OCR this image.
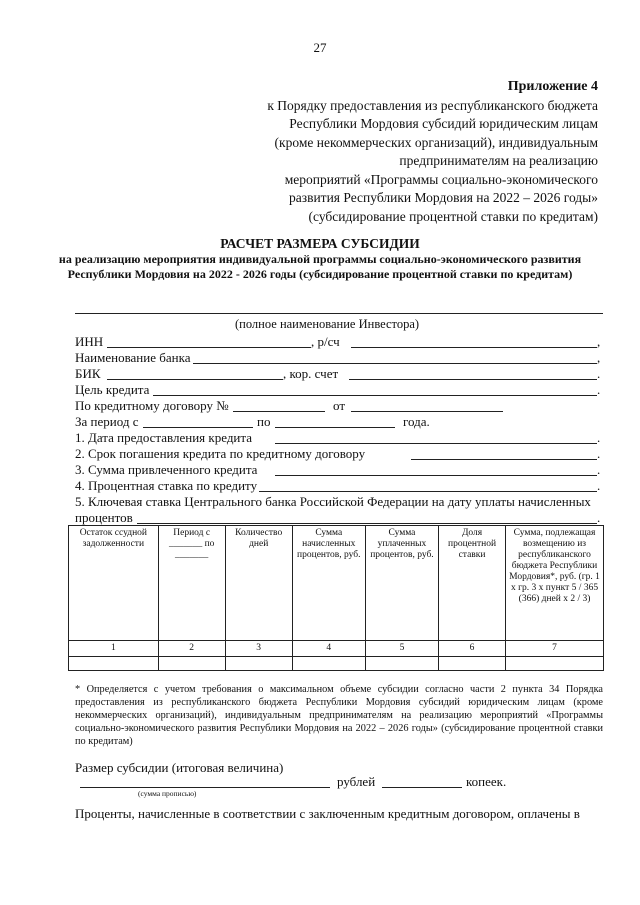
27
Приложение 4
к Порядку предоставления из республиканского бюджета
Республики Мордовия субсидий юридическим лицам
(кроме некоммерческих организаций), индивидуальным
предпринимателям на реализацию
мероприятий «Программы социально-экономического
развития Республики Мордовия на 2022 – 2026 годы»
(субсидирование процентной ставки по кредитам)
РАСЧЕТ РАЗМЕРА СУБСИДИИ
на реализацию мероприятия индивидуальной программы социально-экономического развития Республики Мордовия на 2022 - 2026 годы (субсидирование процентной ставки по кредитам)
(полное наименование Инвестора)
ИНН	, р/сч	,
Наименование банка	,
БИК	, кор. счет	.
Цель кредита	.
По кредитному договору №	от
За период с	по	года.
1. Дата предоставления кредита	.
2. Срок погашения кредита по кредитному договору	.
3. Сумма привлеченного кредита	.
4. Процентная ставка по кредиту	.
5. Ключевая ставка Центрального банка Российской Федерации на дату уплаты начисленных
процентов	.
Остаток ссудной задолженности	Период с _______ по _______	Количество дней	Сумма начисленных процентов, руб.	Сумма уплаченных процентов, руб.	Доля процентной ставки	Сумма, подлежащая возмещению из республиканского бюджета Республики Мордовия*, руб. (гр. 1 х гр. 3 х пункт 5 / 365 (366) дней х 2 / 3)
1	2	3	4	5	6	7

* Определяется с учетом требования о максимальном объеме субсидии согласно части 2 пункта 34 Порядка предоставления из республиканского бюджета Республики Мордовия субсидий юридическим лицам (кроме некоммерческих организаций), индивидуальным предпринимателям на реализацию мероприятий «Программы социально-экономического развития Республики Мордовия на 2022 – 2026 годы» (субсидирование процентной ставки по кредитам)
Размер субсидии (итоговая величина)
рублей	копеек.
(сумма прописью)
Проценты, начисленные в соответствии с заключенным кредитным договором, оплачены в
